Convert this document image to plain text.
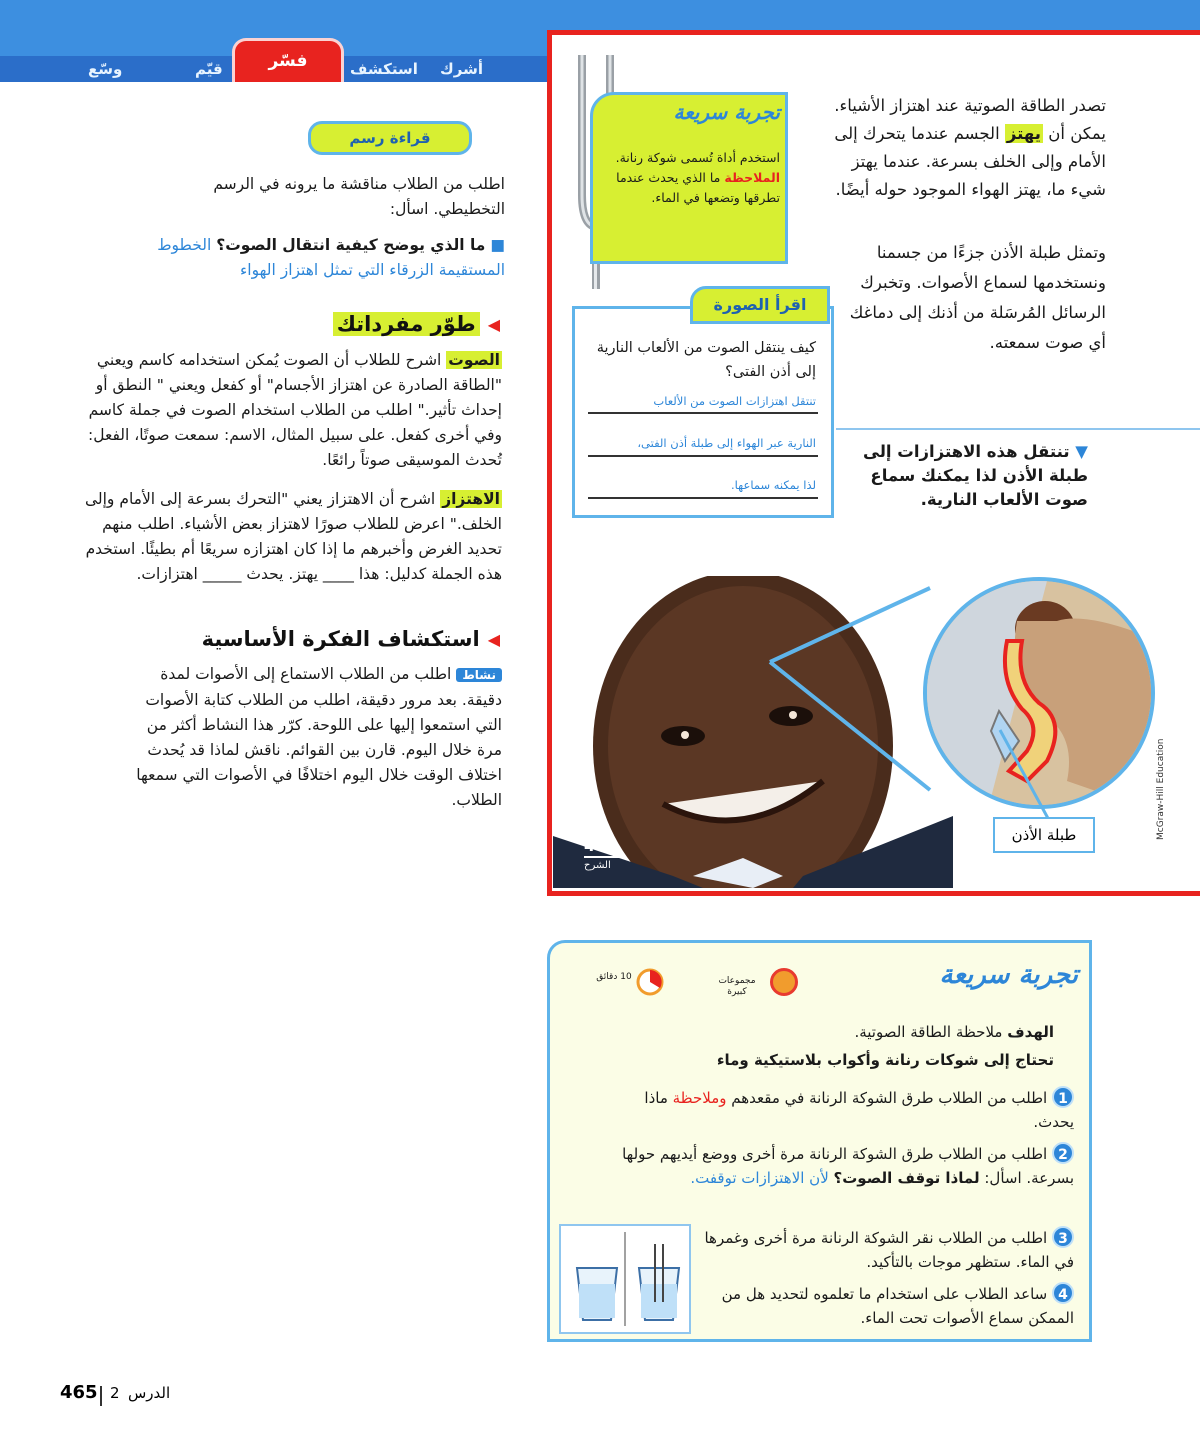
أشرك
استكشف
قيّم
وسّع	فسّر
قراءة رسم

اطلب من الطلاب مناقشة ما يرونه في الرسم التخطيطي. اسأل:

■ ما الذي يوضح كيفية انتقال الصوت؟ الخطوط المستقيمة الزرقاء التي تمثل اهتزاز الهواء
◀
طوّر مفرداتك
الصوت اشرح للطلاب أن الصوت يُمكن استخدامه كاسم ويعني "الطاقة الصادرة عن اهتزاز الأجسام" أو كفعل ويعني " النطق أو إحداث تأثير." اطلب من الطلاب استخدام الصوت في جملة كاسم وفي أخرى كفعل. على سبيل المثال، الاسم: سمعت صوتًا، الفعل: تُحدث الموسيقى صوتاً رائعًا.
الاهتزاز اشرح أن الاهتزاز يعني "التحرك بسرعة إلى الأمام وإلى الخلف." اعرض للطلاب صورًا لاهتزاز بعض الأشياء. اطلب منهم تحديد الغرض وأخبرهم ما إذا كان اهتزازه سريعًا أم بطيئًا. استخدم هذه الجملة كدليل: هذا ____ يهتز. يحدث _____ اهتزازات.
◀
استكشاف الفكرة الأساسية
نشاط اطلب من الطلاب الاستماع إلى الأصوات لمدة دقيقة. بعد مرور دقيقة، اطلب من الطلاب كتابة الأصوات التي استمعوا إليها على اللوحة. كرّر هذا النشاط أكثر من مرة خلال اليوم. قارن بين القوائم. ناقش لماذا قد يُحدث اختلاف الوقت خلال اليوم اختلافًا في الأصوات التي سمعها الطلاب.
تجربة سريعة
استخدم أداة تُسمى شوكة رنانة. الملاحظة ما الذي يحدث عندما تطرقها وتضعها في الماء.
تصدر الطاقة الصوتية عند اهتزاز الأشياء. يمكن أن يهتز الجسم عندما يتحرك إلى الأمام وإلى الخلف بسرعة. عندما يهتز شيء ما، يهتز الهواء الموجود حوله أيضًا.
وتمثل طبلة الأذن جزءًا من جسمنا ونستخدمها لسماع الأصوات. وتخبرك الرسائل المُرسَلة من أذنك إلى دماغك أي صوت سمعته.
اقرأ الصورة
كيف ينتقل الصوت من الألعاب النارية إلى أذن الفتى؟
تنتقل اهتزازات الصوت من الألعاب
النارية عبر الهواء إلى طبلة أذن الفتى،
لذا يمكنه سماعها.
▼ تنتقل هذه الاهتزازات إلى طبلة الأذن لذا يمكنك سماع صوت الألعاب النارية.
طبلة الأذن	McGraw-Hill Education
465
الشرح
تجربة سريعة
مجموعات كبيرة
10 دقائق
الهدف ملاحظة الطاقة الصوتية.
تحتاج إلى شوكات رنانة وأكواب بلاستيكية وماء
1 اطلب من الطلاب طرق الشوكة الرنانة في مقعدهم وملاحظة ماذا يحدث.
2 اطلب من الطلاب طرق الشوكة الرنانة مرة أخرى ووضع أيديهم حولها بسرعة. اسأل: لماذا توقف الصوت؟ لأن الاهتزازات توقفت.
3 اطلب من الطلاب نقر الشوكة الرنانة مرة أخرى وغمرها في الماء. ستظهر موجات بالتأكيد.
4 ساعد الطلاب على استخدام ما تعلموه لتحديد هل من الممكن سماع الأصوات تحت الماء.
465 2 الدرس
